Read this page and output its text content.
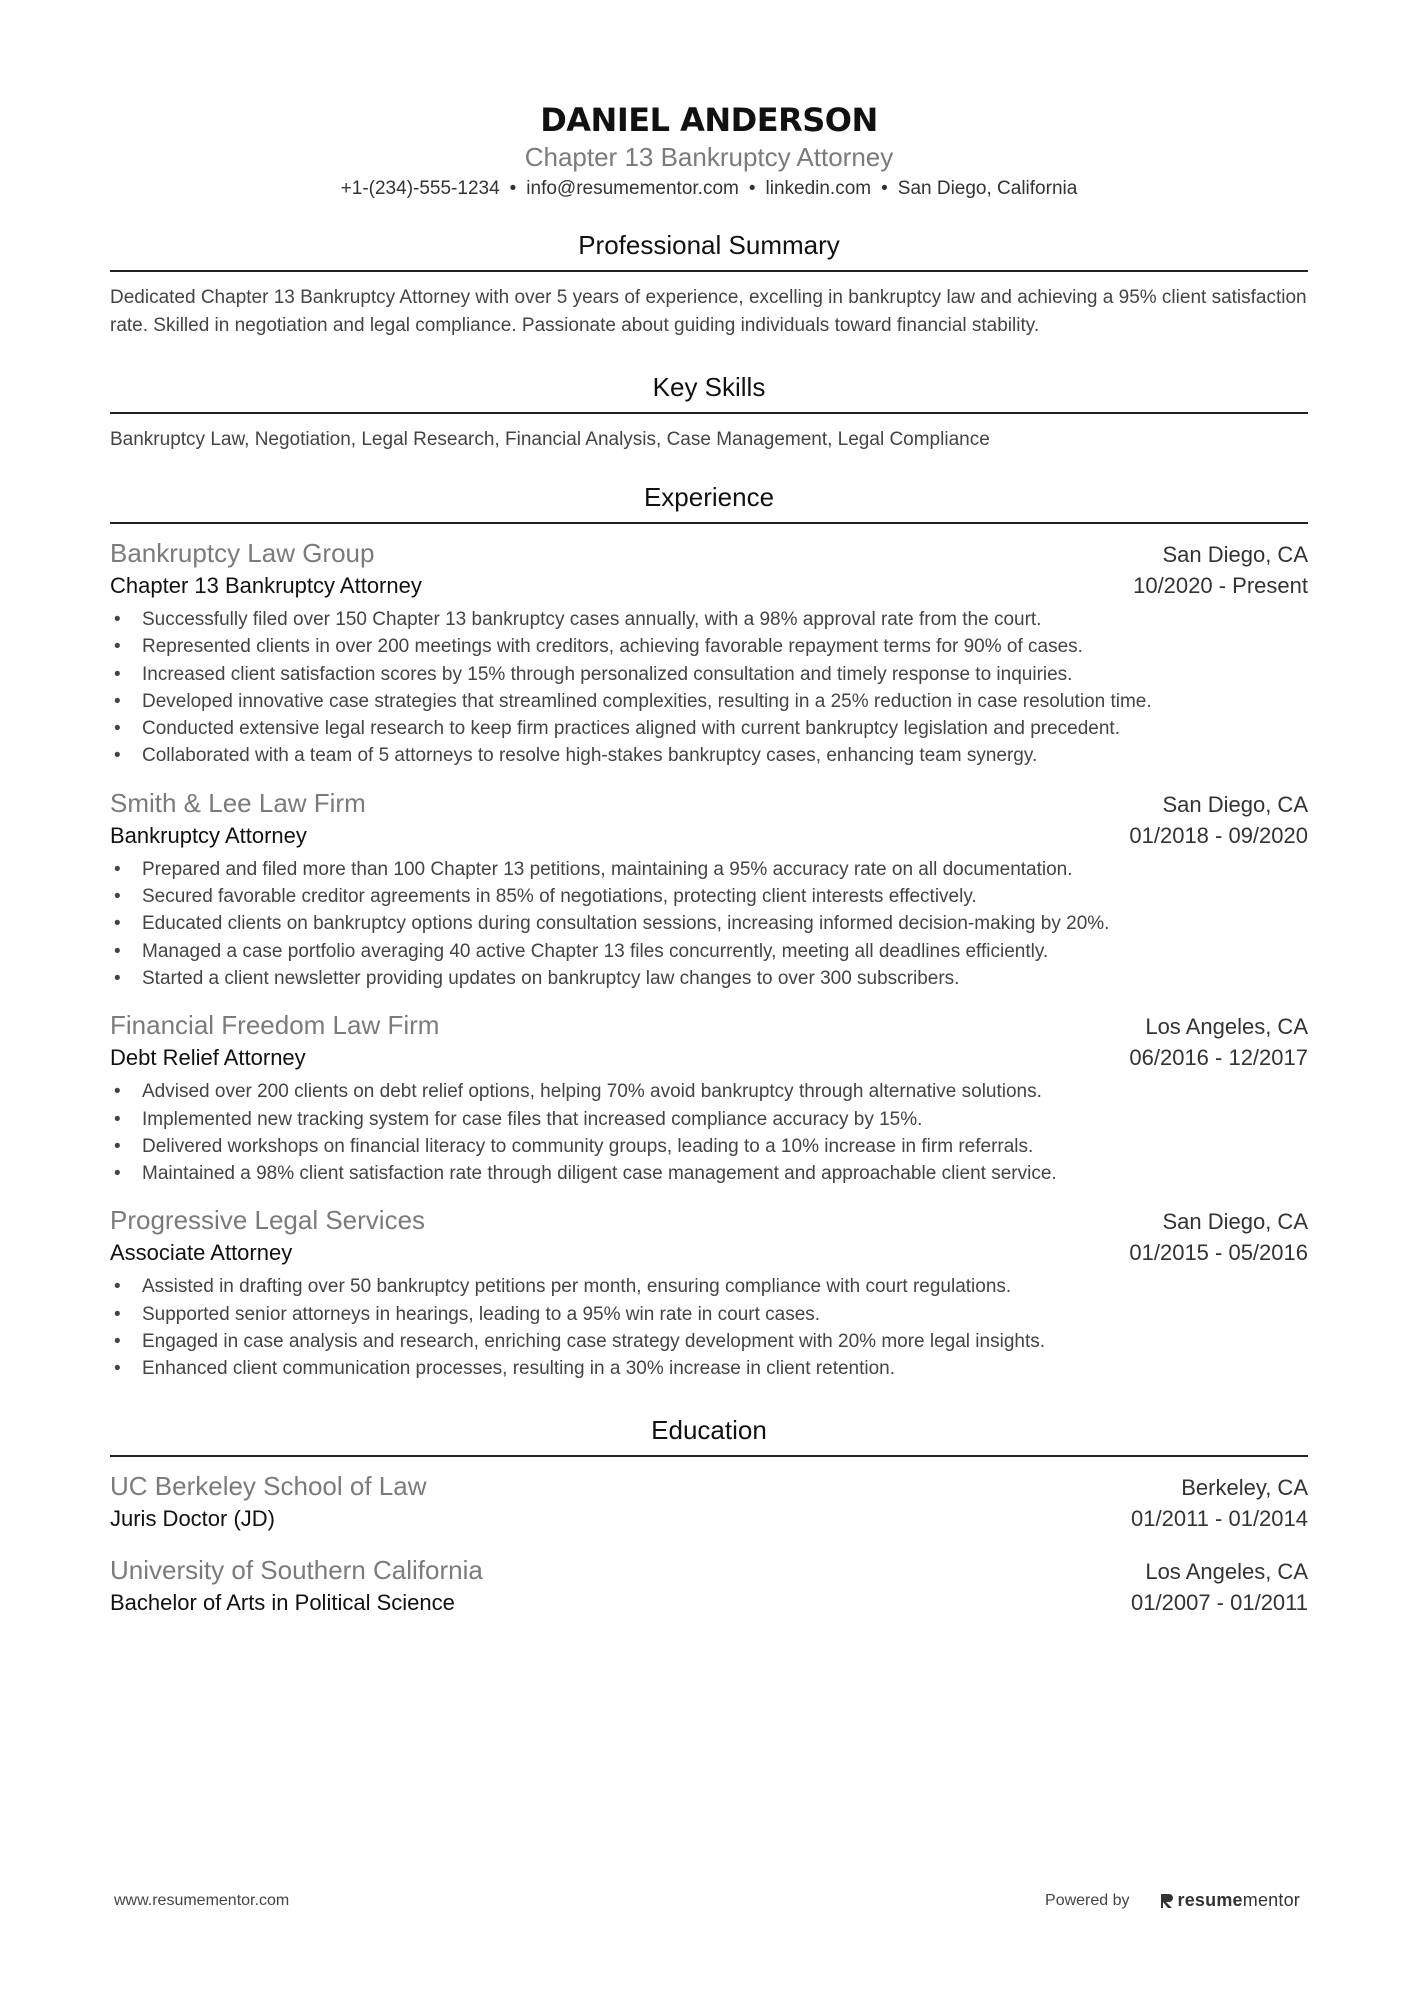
DANIEL ANDERSON
Chapter 13 Bankruptcy Attorney
+1-(234)-555-1234 • info@resumementor.com • linkedin.com • San Diego, California
Professional Summary
Dedicated Chapter 13 Bankruptcy Attorney with over 5 years of experience, excelling in bankruptcy law and achieving a 95% client satisfaction rate. Skilled in negotiation and legal compliance. Passionate about guiding individuals toward financial stability.
Key Skills
Bankruptcy Law, Negotiation, Legal Research, Financial Analysis, Case Management, Legal Compliance
Experience
Bankruptcy Law Group	San Diego, CA
Chapter 13 Bankruptcy Attorney	10/2020 - Present
• Successfully filed over 150 Chapter 13 bankruptcy cases annually, with a 98% approval rate from the court.
• Represented clients in over 200 meetings with creditors, achieving favorable repayment terms for 90% of cases.
• Increased client satisfaction scores by 15% through personalized consultation and timely response to inquiries.
• Developed innovative case strategies that streamlined complexities, resulting in a 25% reduction in case resolution time.
• Conducted extensive legal research to keep firm practices aligned with current bankruptcy legislation and precedent.
• Collaborated with a team of 5 attorneys to resolve high-stakes bankruptcy cases, enhancing team synergy.
Smith & Lee Law Firm	San Diego, CA
Bankruptcy Attorney	01/2018 - 09/2020
• Prepared and filed more than 100 Chapter 13 petitions, maintaining a 95% accuracy rate on all documentation.
• Secured favorable creditor agreements in 85% of negotiations, protecting client interests effectively.
• Educated clients on bankruptcy options during consultation sessions, increasing informed decision-making by 20%.
• Managed a case portfolio averaging 40 active Chapter 13 files concurrently, meeting all deadlines efficiently.
• Started a client newsletter providing updates on bankruptcy law changes to over 300 subscribers.
Financial Freedom Law Firm	Los Angeles, CA
Debt Relief Attorney	06/2016 - 12/2017
• Advised over 200 clients on debt relief options, helping 70% avoid bankruptcy through alternative solutions.
• Implemented new tracking system for case files that increased compliance accuracy by 15%.
• Delivered workshops on financial literacy to community groups, leading to a 10% increase in firm referrals.
• Maintained a 98% client satisfaction rate through diligent case management and approachable client service.
Progressive Legal Services	San Diego, CA
Associate Attorney	01/2015 - 05/2016
• Assisted in drafting over 50 bankruptcy petitions per month, ensuring compliance with court regulations.
• Supported senior attorneys in hearings, leading to a 95% win rate in court cases.
• Engaged in case analysis and research, enriching case strategy development with 20% more legal insights.
• Enhanced client communication processes, resulting in a 30% increase in client retention.
Education
UC Berkeley School of Law	Berkeley, CA
Juris Doctor (JD)	01/2011 - 01/2014
University of Southern California	Los Angeles, CA
Bachelor of Arts in Political Science	01/2007 - 01/2011
www.resumementor.com	Powered by	resume mentor
